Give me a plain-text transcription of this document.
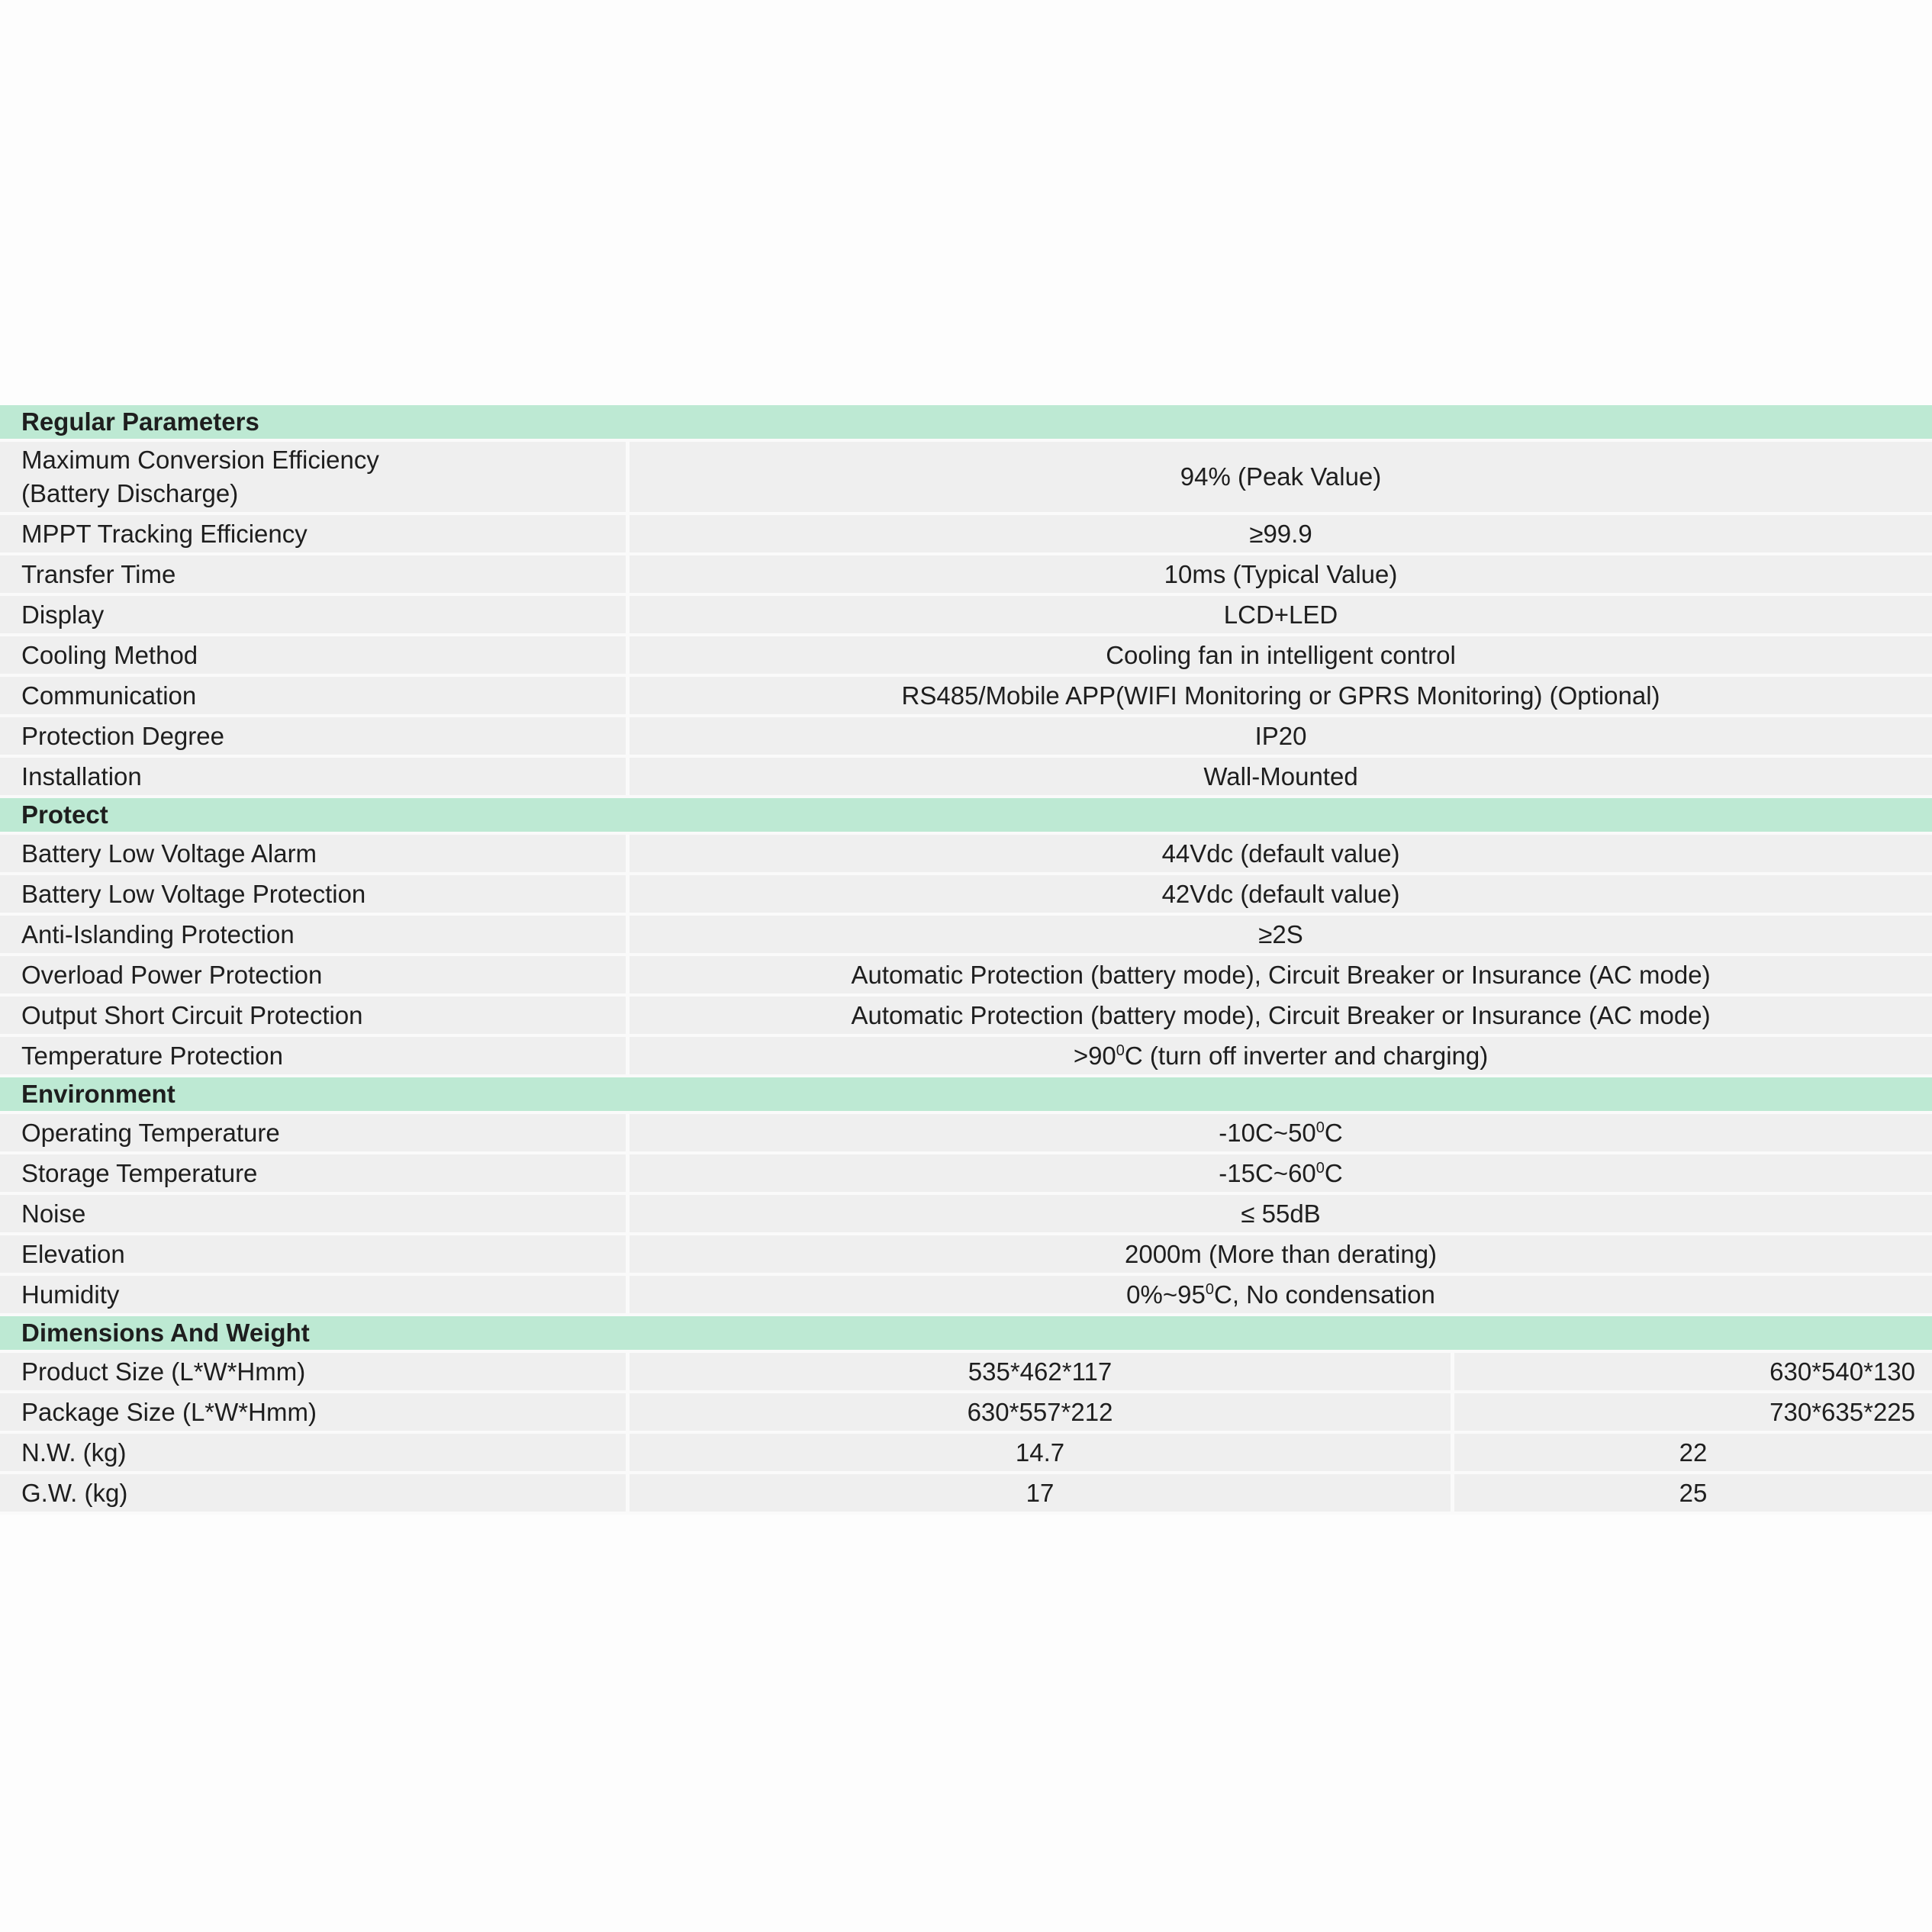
Regular Parameters		

Maximum Conversion Efficiency
(Battery Discharge)	94% (Peak Value)	
MPPT Tracking Efficiency	≥99.9	
Transfer Time	10ms (Typical Value)	
Display	LCD+LED	
Cooling Method	Cooling fan in intelligent control	
Communication	RS485/Mobile APP(WIFI Monitoring or GPRS Monitoring) (Optional)	
Protection Degree	IP20	
Installation	Wall-Mounted	
Protect		
Battery Low Voltage Alarm	44Vdc (default value)	
Battery Low Voltage Protection	42Vdc (default value)	
Anti-Islanding Protection	≥2S	
Overload Power Protection	Automatic Protection (battery mode), Circuit Breaker or Insurance (AC mode)	
Output Short Circuit Protection	Automatic Protection (battery mode), Circuit Breaker or Insurance (AC mode)	
Temperature Protection	$>90^0C$ (turn off inverter and charging)	
Environment		
Operating Temperature	$-10C\sim 50^0C$	
Storage Temperature	$-15C\sim 60^0C$	
Noise	≤ 55dB	
Elevation	2000m (More than derating)	
Humidity	$0\%\sim 95^0C$, No condensation	
Dimensions And Weight		
Product Size (L*W*Hmm)	535*462*117	630*540*130
Package Size (L*W*Hmm)	630*557*212	730*635*225
N.W. (kg)	14.7	22
G.W. (kg)	17	25
